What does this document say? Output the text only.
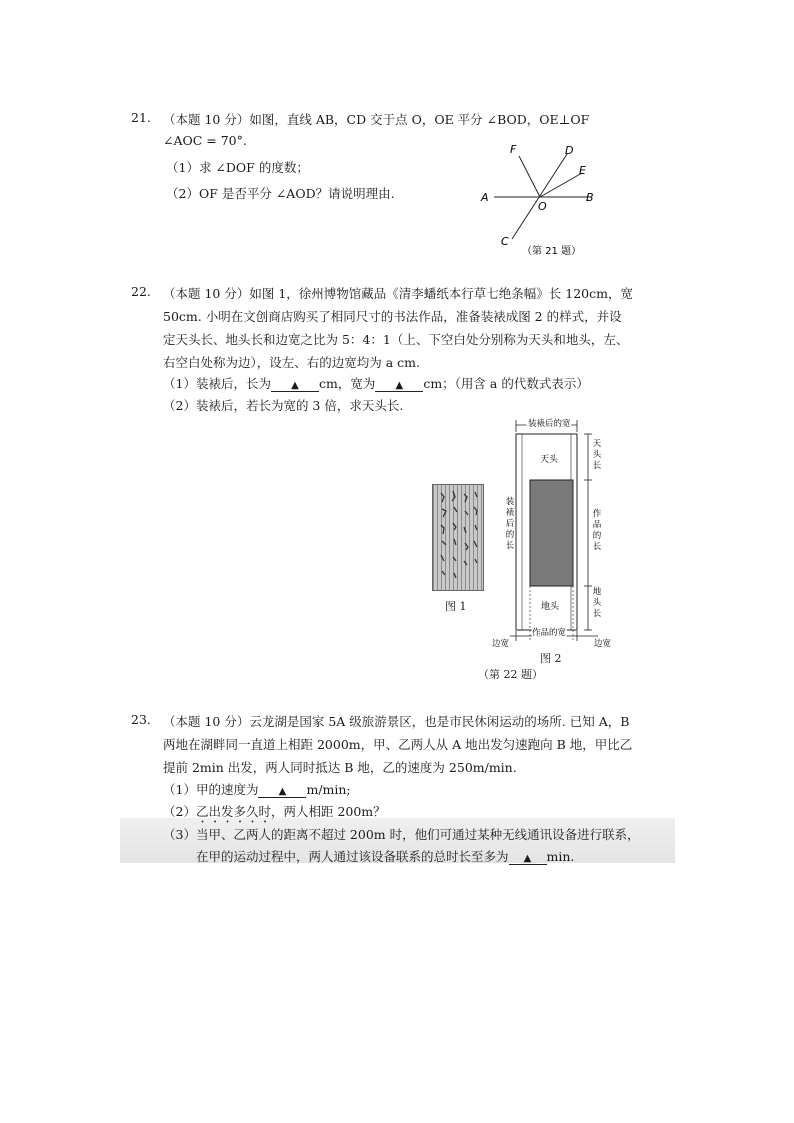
21. （本题 10 分）如图，直线 AB，CD 交于点 O，OE 平分 ∠BOD，OE⊥OF
∠AOC = 70°.
（1）求 ∠DOF 的度数；
（2）OF 是否平分 ∠AOD？请说明理由.
F	D
E
A
O
B
C
（第 21 题）
22. （本题 10 分）如图 1，徐州博物馆藏品《清李蟠纸本行草七绝条幅》长 120cm，宽
50cm. 小明在文创商店购买了相同尺寸的书法作品，准备装裱成图 2 的样式，并设
定天头长、地头长和边宽之比为 5：4：1（上、下空白处分别称为天头和地头，左、
右空白处称为边），设左、右的边宽均为 a cm.
（1）装裱后，长为 ▲ cm，宽为 ▲ cm；（用含 a 的代数式表示）
（2）装裱后，若长为宽的 3 倍，求天头长.
图 1
装裱后的宽
天头
地头
装裱后的长
天头长
作品的长
地头长
边宽
作品的宽
边宽
图 2
（第 22 题）
23. （本题 10 分）云龙湖是国家 5A 级旅游景区，也是市民休闲运动的场所. 已知 A，B
两地在湖畔同一直道上相距 2000m，甲、乙两人从 A 地出发匀速跑向 B 地，甲比乙
提前 2min 出发，两人同时抵达 B 地，乙的速度为 250m/min.
（1）甲的速度为 ▲ m/min;
（2）乙出发多久时，两人相距 200m？
（3）当甲、乙两人的距离不超过 200m 时，他们可通过某种无线通讯设备进行联系，
在甲的运动过程中，两人通过该设备联系的总时长至多为 ▲ min.
